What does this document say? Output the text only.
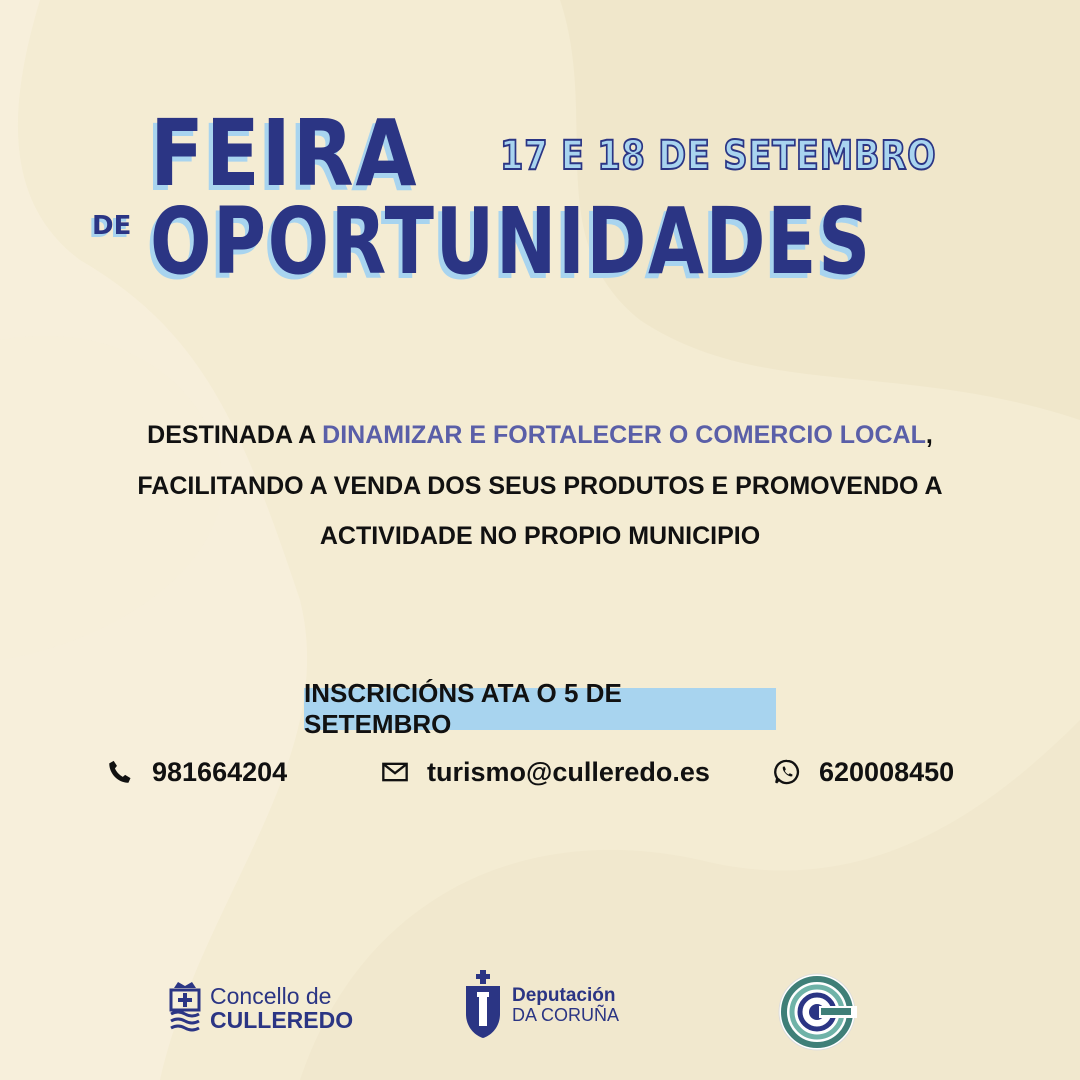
FEIRA
DE OPORTUNIDADES
17 E 18 DE SETEMBRO
DESTINADA A DINAMIZAR E FORTALECER O COMERCIO LOCAL,
FACILITANDO A VENDA DOS SEUS PRODUTOS E PROMOVENDO A
ACTIVIDADE NO PROPIO MUNICIPIO
INSCRICIÓNS ATA O 5 DE SETEMBRO
981664204	turismo@culleredo.es	620008450
Concello de
CULLEREDO
Deputación
DA CORUÑA
